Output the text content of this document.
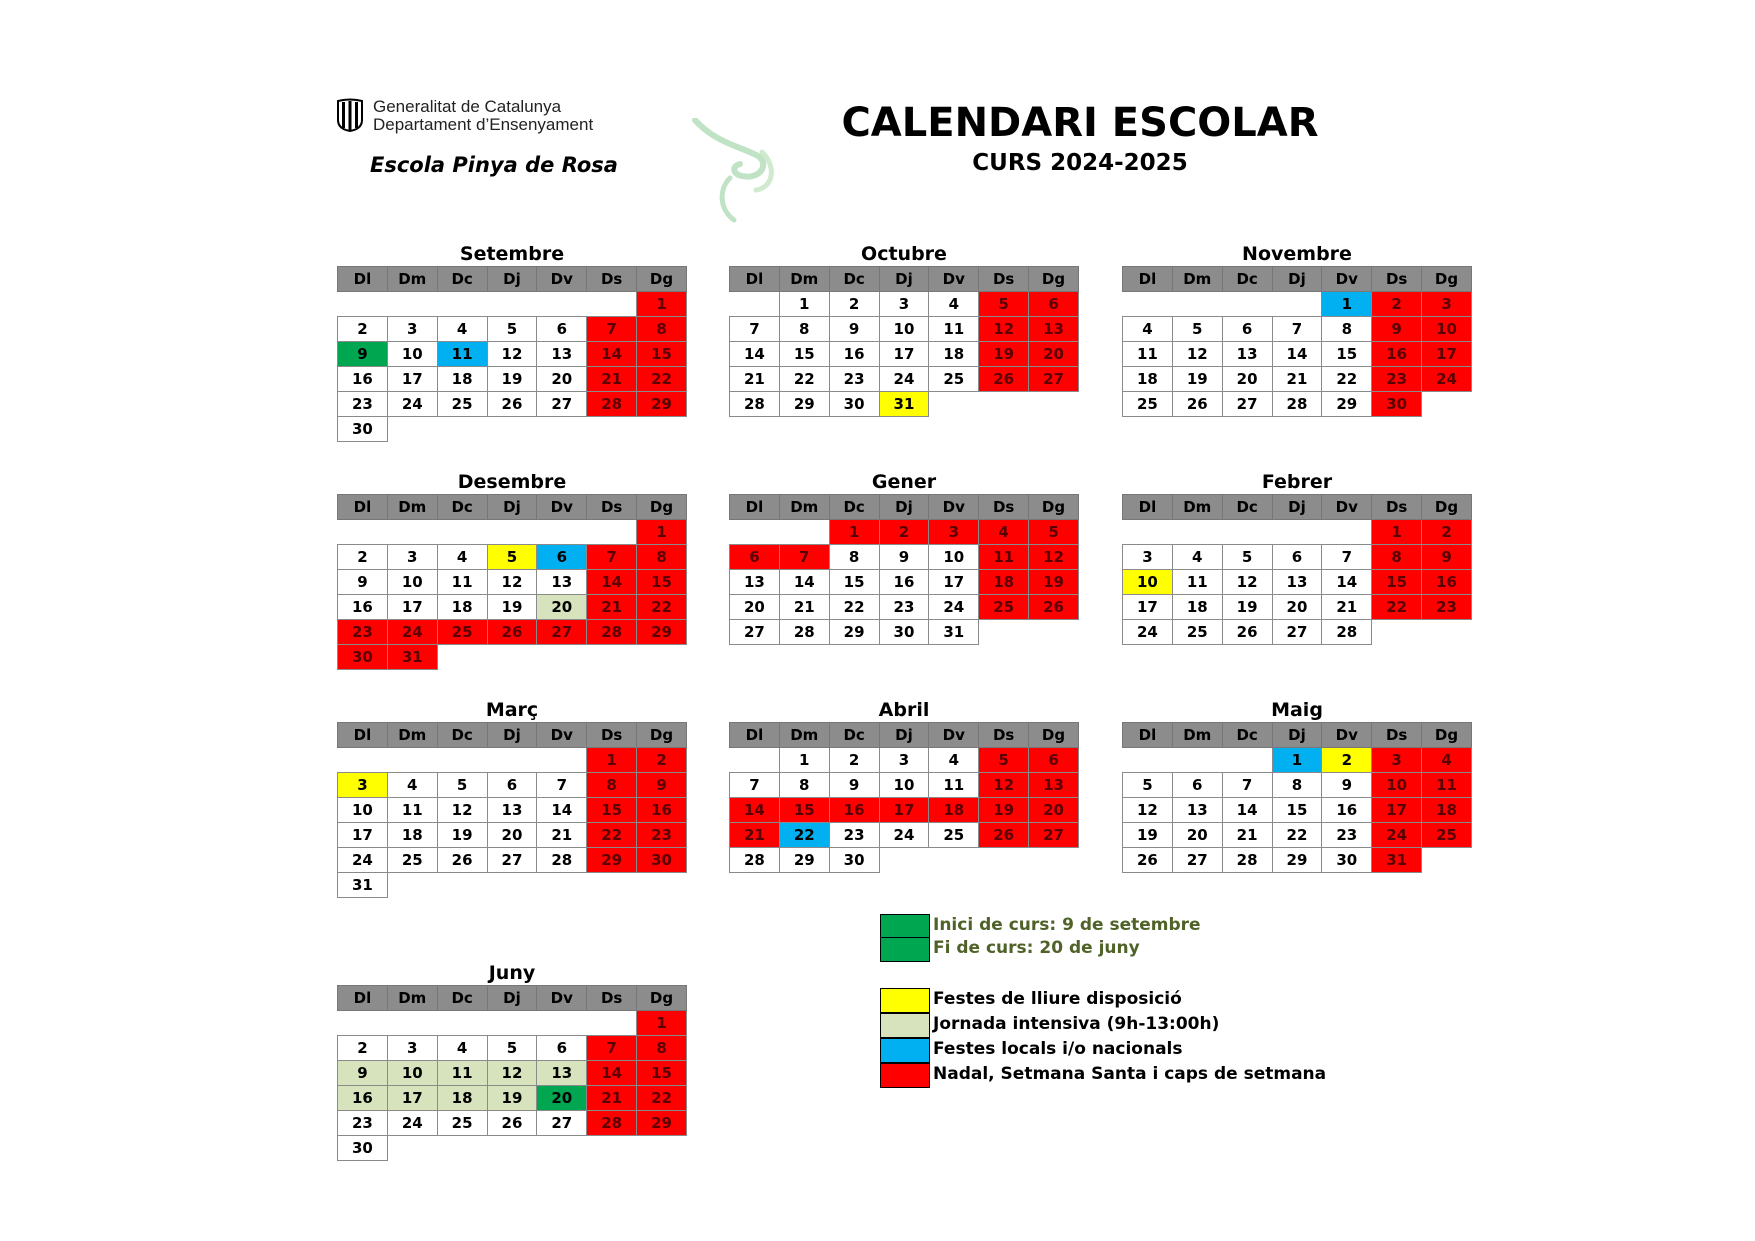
Generalitat de Catalunya
Departament d’Ensenyament
Escola Pinya de Rosa
CALENDARI ESCOLAR
CURS 2024-2025
Setembre
Dl	Dm	Dc	Dj	Dv	Ds	Dg
						1
2	3	4	5	6	7	8
9	10	11	12	13	14	15
16	17	18	19	20	21	22
23	24	25	26	27	28	29
30						
Octubre
Dl	Dm	Dc	Dj	Dv	Ds	Dg
	1	2	3	4	5	6
7	8	9	10	11	12	13
14	15	16	17	18	19	20
21	22	23	24	25	26	27
28	29	30	31			
Novembre
Dl	Dm	Dc	Dj	Dv	Ds	Dg
				1	2	3
4	5	6	7	8	9	10
11	12	13	14	15	16	17
18	19	20	21	22	23	24
25	26	27	28	29	30	
Desembre
Dl	Dm	Dc	Dj	Dv	Ds	Dg
						1
2	3	4	5	6	7	8
9	10	11	12	13	14	15
16	17	18	19	20	21	22
23	24	25	26	27	28	29
30	31					
Gener
Dl	Dm	Dc	Dj	Dv	Ds	Dg
		1	2	3	4	5
6	7	8	9	10	11	12
13	14	15	16	17	18	19
20	21	22	23	24	25	26
27	28	29	30	31		
Febrer
Dl	Dm	Dc	Dj	Dv	Ds	Dg
					1	2
3	4	5	6	7	8	9
10	11	12	13	14	15	16
17	18	19	20	21	22	23
24	25	26	27	28		
Març
Dl	Dm	Dc	Dj	Dv	Ds	Dg
					1	2
3	4	5	6	7	8	9
10	11	12	13	14	15	16
17	18	19	20	21	22	23
24	25	26	27	28	29	30
31						
Abril
Dl	Dm	Dc	Dj	Dv	Ds	Dg
	1	2	3	4	5	6
7	8	9	10	11	12	13
14	15	16	17	18	19	20
21	22	23	24	25	26	27
28	29	30				
Maig
Dl	Dm	Dc	Dj	Dv	Ds	Dg
			1	2	3	4
5	6	7	8	9	10	11
12	13	14	15	16	17	18
19	20	21	22	23	24	25
26	27	28	29	30	31	
Juny
Dl	Dm	Dc	Dj	Dv	Ds	Dg
						1
2	3	4	5	6	7	8
9	10	11	12	13	14	15
16	17	18	19	20	21	22
23	24	25	26	27	28	29
30						
Inici de curs: 9 de setembre
Fi de curs: 20 de juny
Festes de lliure disposició
Jornada intensiva (9h-13:00h)
Festes locals i/o nacionals
Nadal, Setmana Santa i caps de setmana
